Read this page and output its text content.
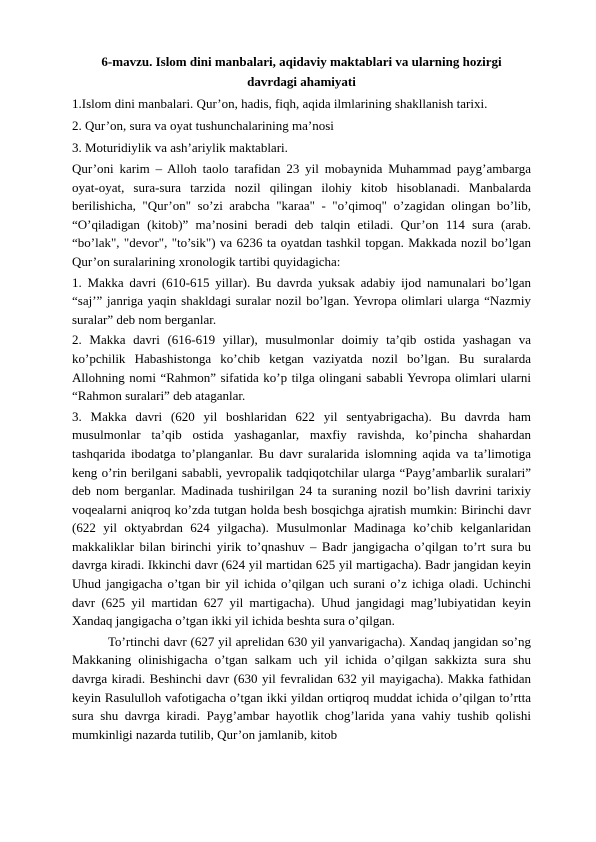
6-mavzu. Islom dini manbalari, aqidaviy maktablari va ularning hozirgi

davrdagi ahamiyati

1.Islom dini manbalari. Qur’on, hadis, fiqh, aqida ilmlarining shakllanish tarixi.

2. Qur’on, sura va oyat tushunchalarining ma’nosi

3. Moturidiylik va ash’ariylik maktablari.

Qur’oni karim – Alloh taolo tarafidan 23 yil mobaynida Muhammad payg’ambarga oyat-oyat, sura-sura tarzida nozil qilingan ilohiy kitob hisoblanadi. Manbalarda berilishicha, "Qur’on" so’zi arabcha "karaa" - "o’qimoq" o’zagidan olingan bo’lib, “O’qiladigan (kitob)” ma’nosini beradi deb talqin etiladi. Qur’on 114 sura (arab. “bo’lak", "devor", "to’sik") va 6236 ta oyatdan tashkil topgan. Makkada nozil bo’lgan Qur’on suralarining xronologik tartibi quyidagicha:

1. Makka davri (610-615 yillar). Bu davrda yuksak adabiy ijod namunalari bo’lgan “saj’” janriga yaqin shakldagi suralar nozil bo’lgan. Yevropa olimlari ularga “Nazmiy suralar” deb nom berganlar.

2. Makka davri (616-619 yillar), musulmonlar doimiy ta’qib ostida yashagan va ko’pchilik Habashistonga ko’chib ketgan vaziyatda nozil bo’lgan. Bu suralarda Allohning nomi “Rahmon” sifatida ko’p tilga olingani sababli Yevropa olimlari ularni “Rahmon suralari” deb ataganlar.

3. Makka davri (620 yil boshlaridan 622 yil sentyabrigacha). Bu davrda ham musulmonlar ta’qib ostida yashaganlar, maxfiy ravishda, ko’pincha shahardan tashqarida ibodatga to’planganlar. Bu davr suralarida islomning aqida va ta’limotiga keng o’rin berilgani sababli, yevropalik tadqiqotchilar ularga “Payg’ambarlik suralari” deb nom berganlar. Madinada tushirilgan 24 ta suraning nozil bo’lish davrini tarixiy voqealarni aniqroq ko’zda tutgan holda besh bosqichga ajratish mumkin: Birinchi davr (622 yil oktyabrdan 624 yilgacha). Musulmonlar Madinaga ko’chib kelganlaridan makkaliklar bilan birinchi yirik to’qnashuv – Badr jangigacha o’qilgan to’rt sura bu davrga kiradi. Ikkinchi davr (624 yil martidan 625 yil martigacha). Badr jangidan keyin Uhud jangigacha o’tgan bir yil ichida o’qilgan uch surani o’z ichiga oladi. Uchinchi davr (625 yil martidan 627 yil martigacha). Uhud jangidagi mag’lubiyatidan keyin Xandaq jangigacha o’tgan ikki yil ichida beshta sura o’qilgan.

To’rtinchi davr (627 yil aprelidan 630 yil yanvarigacha). Xandaq jangidan so’ng Makkaning olinishigacha o’tgan salkam uch yil ichida o’qilgan sakkizta sura shu davrga kiradi. Beshinchi davr (630 yil fevralidan 632 yil mayigacha). Makka fathidan keyin Rasululloh vafotigacha o’tgan ikki yildan ortiqroq muddat ichida o’qilgan to’rtta sura shu davrga kiradi. Payg’ambar hayotlik chog’larida yana vahiy tushib qolishi mumkinligi nazarda tutilib, Qur’on jamlanib, kitob
